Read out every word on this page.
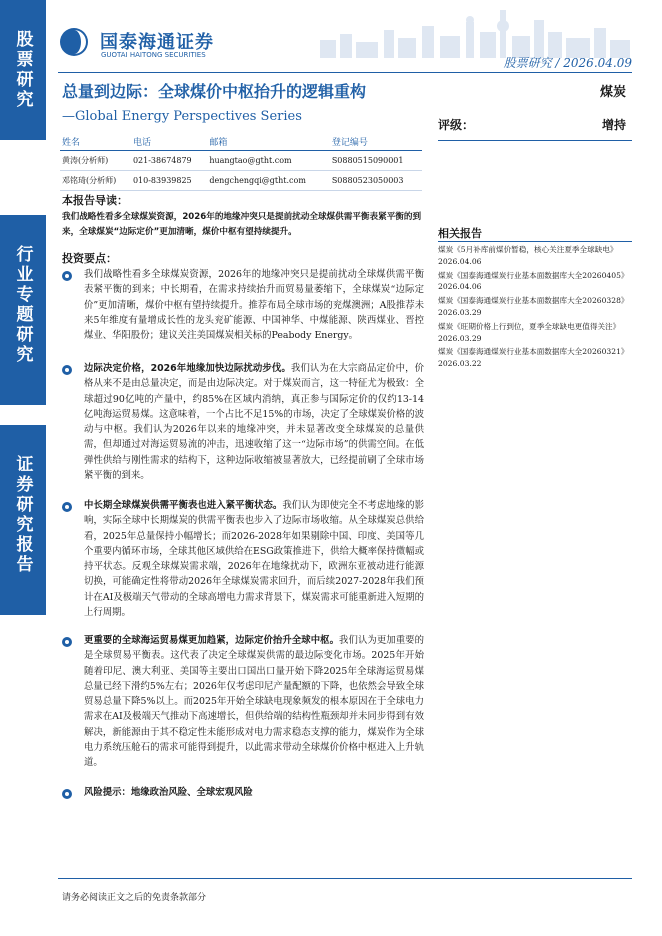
股票研究
行业专题研究
证券研究报告
国泰海通证券
GUOTAI HAITONG SECURITIES
股票研究 / 2026.04.09
总量到边际：全球煤价中枢抬升的逻辑重构	煤炭
—Global Energy Perspectives Series
姓名	电话	邮箱	登记编号
黄涛(分析师)	021-38674879	huangtao@gtht.com	S0880515090001
邓铭琦(分析师)	010-83939825	dengchengqi@gtht.com	S0880523050003
评级：	增持
本报告导读：
我们战略性看多全球煤炭资源，2026年的地缘冲突只是提前扰动全球煤供需平衡表紧平衡的到来，全球煤炭“边际定价”更加清晰，煤价中枢有望持续提升。
投资要点：
我们战略性看多全球煤炭资源，2026年的地缘冲突只是提前扰动全球煤供需平衡表紧平衡的到来；中长期看，在需求持续抬升而贸易量萎缩下，全球煤炭“边际定价”更加清晰，煤价中枢有望持续提升。推荐布局全球市场的兖煤澳洲；A股推荐未来5年维度有量增成长性的龙头兖矿能源、中国神华、中煤能源、陕西煤业、晋控煤业、华阳股份；建议关注美国煤炭相关标的Peabody Energy。
边际决定价格，2026年地缘加快边际扰动步伐。我们认为在大宗商品定价中，价格从来不是由总量决定，而是由边际决定。对于煤炭而言，这一特征尤为极致：全球超过90亿吨的产量中，约85%在区域内消纳，真正参与国际定价的仅约13-14亿吨海运贸易煤。这意味着，一个占比不足15%的市场，决定了全球煤炭价格的波动与中枢。我们认为2026年以来的地缘冲突，并未显著改变全球煤炭的总量供需，但却通过对海运贸易流的冲击，迅速收缩了这一“边际市场”的供需空间。在低弹性供给与刚性需求的结构下，这种边际收缩被显著放大，已经提前刷了全球市场紧平衡的到来。
中长期全球煤炭供需平衡表也进入紧平衡状态。我们认为即使完全不考虑地缘的影响，实际全球中长期煤炭的供需平衡表也步入了边际市场收缩。从全球煤炭总供给看，2025年总量保持小幅增长；而2026-2028年如果剔除中国、印度、美国等几个重要内循环市场，全球其他区域供给在ESG政策推进下，供给大概率保持微幅或持平状态。反观全球煤炭需求端，2026年在地缘扰动下，欧洲东亚被动进行能源切换，可能确定性将带动2026年全球煤炭需求回升，而后续2027-2028年我们预计在AI及极端天气带动的全球高增电力需求背景下，煤炭需求可能重新进入短期的上行周期。
更重要的全球海运贸易煤更加趋紧，边际定价抬升全球中枢。我们认为更加重要的是全球贸易平衡表。这代表了决定全球煤炭供需的最边际变化市场。2025年开始随着印尼、澳大利亚、美国等主要出口国出口量开始下降2025年全球海运贸易煤总量已经下滑约5%左右；2026年仅考虑印尼产量配额的下降，也依然会导致全球贸易总量下降5%以上。而2025年开始全球缺电现象频发的根本原因在于全球电力需求在AI及极端天气推动下高速增长，但供给端的结构性瓶颈却并未同步得到有效解决，新能源由于其不稳定性未能形成对电力需求稳态支撑的能力，煤炭作为全球电力系统压舱石的需求可能得到提升，以此需求带动全球煤价价格中枢进入上升轨道。
风险提示：地缘政治风险、全球宏观风险
相关报告
煤炭《5月补库前煤价暂稳，核心关注夏季全球缺电》2026.04.06
煤炭《国泰海通煤炭行业基本面数据库大全20260405》2026.04.06
煤炭《国泰海通煤炭行业基本面数据库大全20260328》2026.03.29
煤炭《旺期价格上行到位，夏季全球缺电更值得关注》2026.03.29
煤炭《国泰海通煤炭行业基本面数据库大全20260321》2026.03.22
请务必阅读正文之后的免责条款部分
